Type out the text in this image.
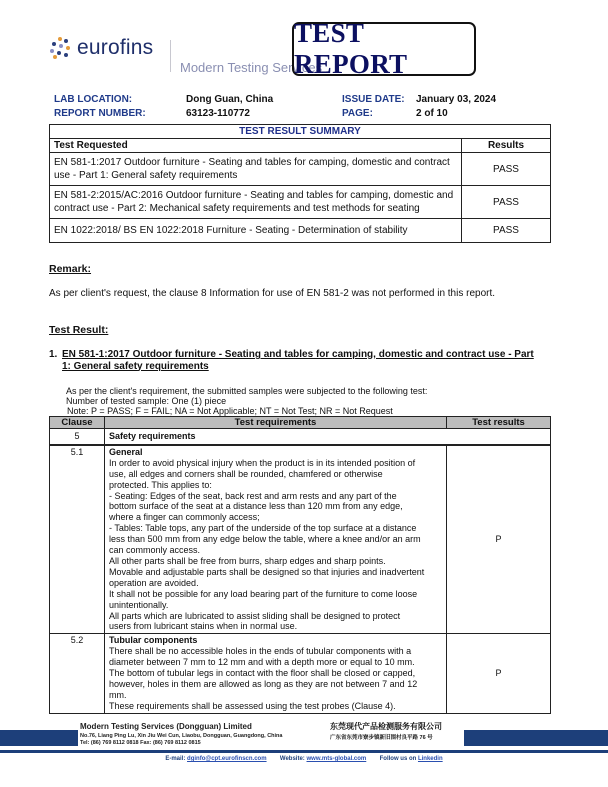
eurofins
Modern Testing Services
TEST REPORT
LAB LOCATION:	Dong Guan, China	ISSUE DATE: January 03, 2024
REPORT NUMBER:	63123-110772	PAGE:	2 of 10
TEST RESULT SUMMARY	
Test Requested	Results
EN 581-1:2017 Outdoor furniture - Seating and tables for camping, domestic and contract use - Part 1: General safety requirements	PASS
EN 581-2:2015/AC:2016 Outdoor furniture - Seating and tables for camping, domestic and contract use - Part 2: Mechanical safety requirements and test methods for seating	PASS
EN 1022:2018/ BS EN 1022:2018 Furniture - Seating - Determination of stability	PASS
Remark:
As per client's request, the clause 8 Information for use of EN 581-2 was not performed in this report.
Test Result:
1. EN 581-1:2017 Outdoor furniture - Seating and tables for camping, domestic and contract use - Part 1: General safety requirements
As per the client's requirement, the submitted samples were subjected to the following test:
Number of tested sample: One (1) piece
Note: P = PASS; F = FAIL; NA = Not Applicable; NT = Not Test; NR = Not Request
Clause	Test requirements	Test results
5	Safety requirements	
5.1	General
In order to avoid physical injury when the product is in its intended position of
use, all edges and corners shall be rounded, chamfered or otherwise
protected. This applies to:
- Seating: Edges of the seat, back rest and arm rests and any part of the
bottom surface of the seat at a distance less than 120 mm from any edge,
where a finger can commonly access;
- Tables: Table tops, any part of the underside of the top surface at a distance
less than 500 mm from any edge below the table, where a knee and/or an arm
can commonly access.
All other parts shall be free from burrs, sharp edges and sharp points.
Movable and adjustable parts shall be designed so that injuries and inadvertent
operation are avoided.
It shall not be possible for any load bearing part of the furniture to come loose
unintentionally.
All parts which are lubricated to assist sliding shall be designed to protect
users from lubricant stains when in normal use.
	P
5.2	Tubular components
There shall be no accessible holes in the ends of tubular components with a
diameter between 7 mm to 12 mm and with a depth more or equal to 10 mm.
The bottom of tubular legs in contact with the floor shall be closed or capped,
however, holes in them are allowed as long as they are not between 7 and 12
mm.
These requirements shall be assessed using the test probes (Clause 4).
	P
Modern Testing Services (Dongguan) Limited
No.76, Liang Ping Lu, Xin Jiu Wei Cun, Liaobu, Dongguan, Guangdong, China
Tel: (86) 769 8112 0818 Fax: (86) 769 8112 0815
东莞现代产品检测服务有限公司
广东省东莞市寮步镇新旧围村良平路 76 号
E-mail: dginfo@cpt.eurofinscn.com Website: www.mts-global.com Follow us on Linkedin
